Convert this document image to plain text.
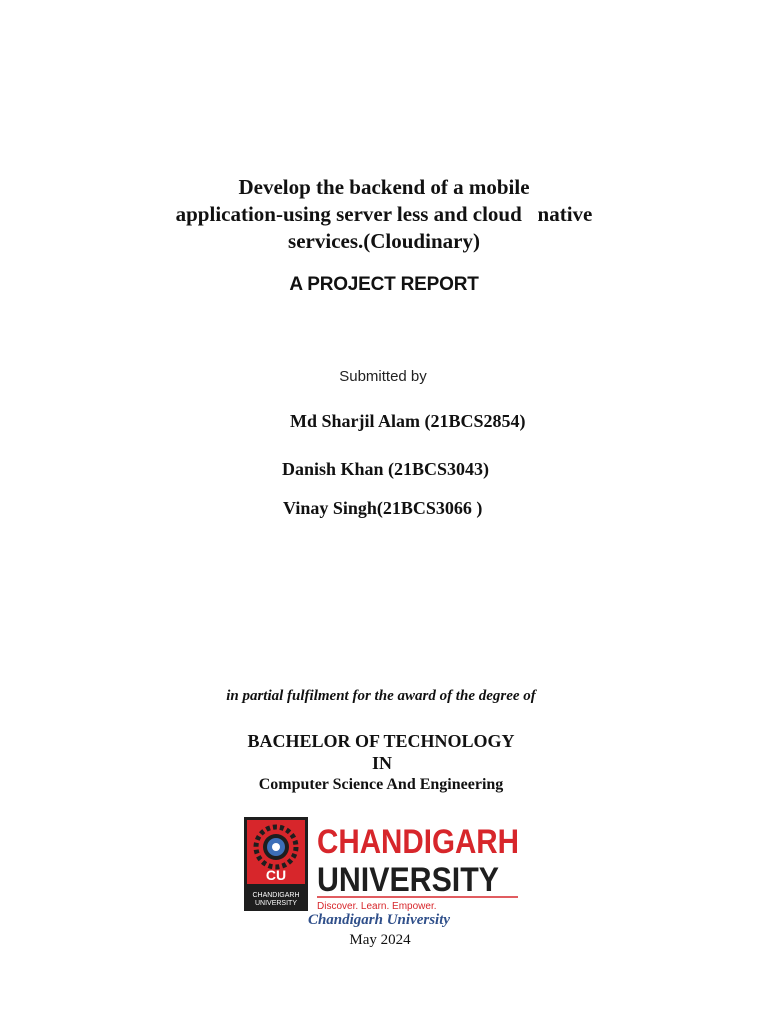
Develop the backend of a mobile
application-using server less and cloud   native
services.(Cloudinary)
A PROJECT REPORT
Submitted by
Md Sharjil Alam (21BCS2854)
Danish Khan (21BCS3043)
Vinay Singh(21BCS3066 )
in partial fulfilment for the award of the degree of
BACHELOR OF TECHNOLOGY
IN
Computer Science And Engineering
CU
CHANDIGARH
UNIVERSITY
CHANDIGARH
UNIVERSITY
Discover. Learn. Empower.
Chandigarh University
May 2024
